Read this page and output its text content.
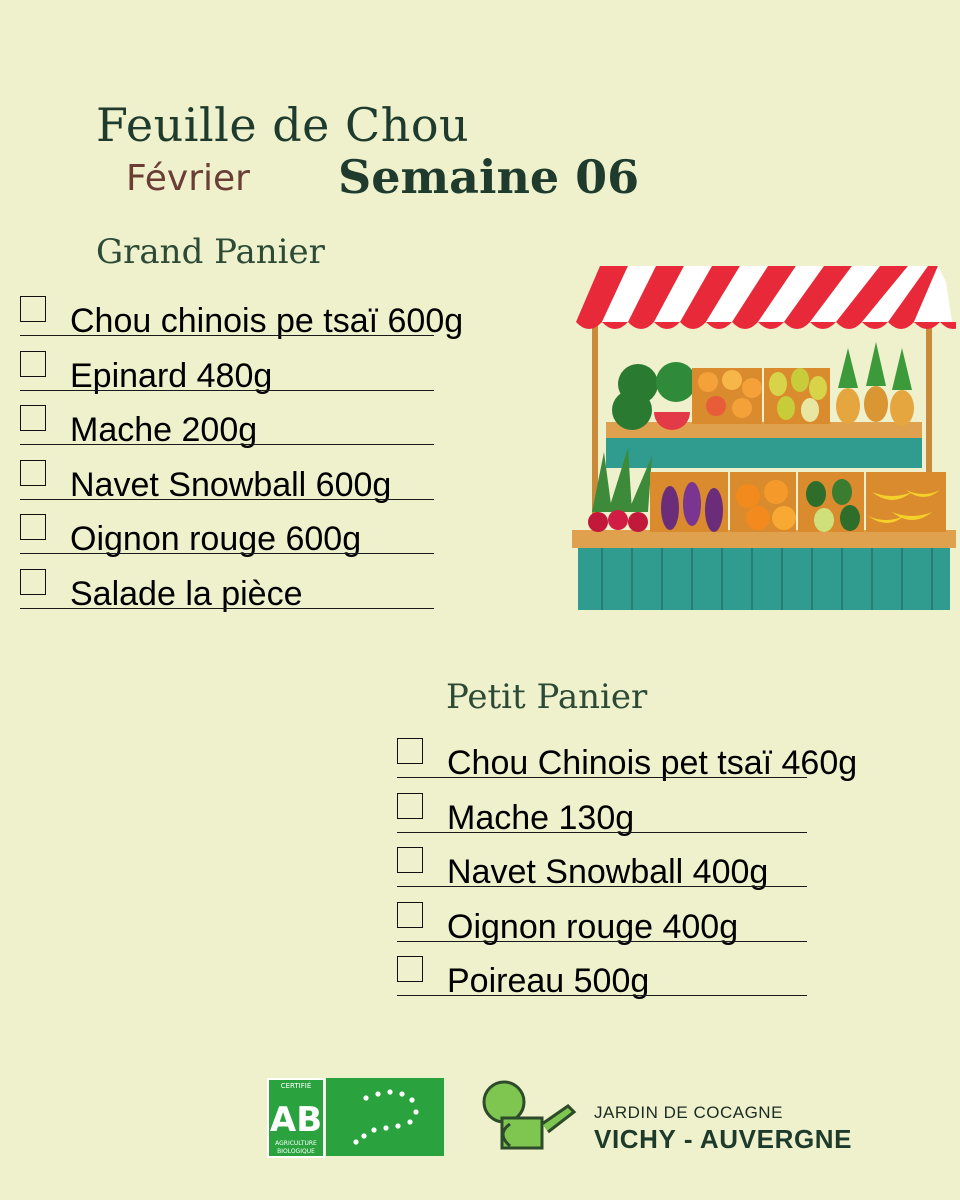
Feuille de Chou
Février Semaine 06
Grand Panier
Chou chinois pe tsaï 600g
Epinard 480g
Mache 200g
Navet Snowball 600g
Oignon rouge 600g
Salade la pièce
Petit Panier
Chou Chinois pet tsaï 460g
Mache 130g
Navet Snowball 400g
Oignon rouge 400g
Poireau 500g
CERTIFIÉ
AB
AGRICULTURE
BIOLOGIQUE
JARDIN DE COCAGNE
VICHY - AUVERGNE
